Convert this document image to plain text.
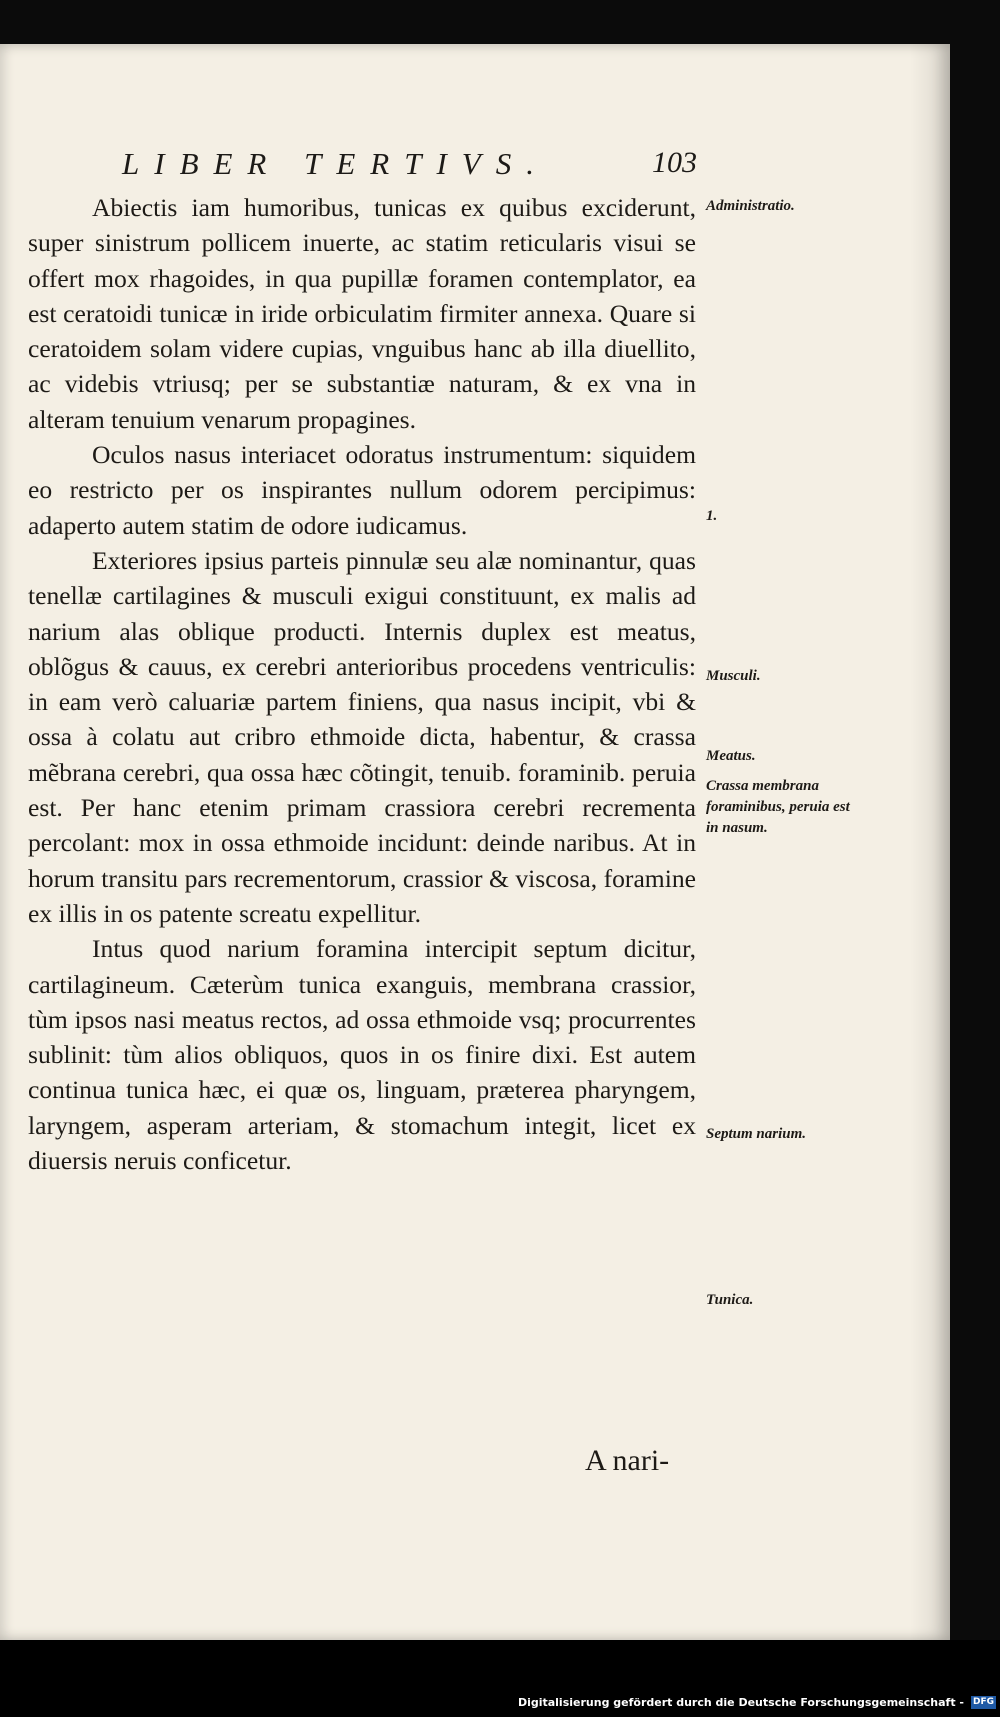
LIBER TERTIVS.	103

Abiectis iam humoribus, tunicas ex quibus exciderunt, super sinistrum pollicem inuerte, ac statim reticularis visui se offert mox rhagoides, in qua pupillæ foramen contemplator, ea est ceratoidi tunicæ in iride orbiculatim firmiter annexa. Quare si ceratoidem solam videre cupias, vnguibus hanc ab illa diuellito, ac videbis vtriusq; per se substantiæ naturam, & ex vna in alteram tenuium venarum propagines.

Oculos nasus interiacet odoratus instrumentum: siquidem eo restricto per os inspirantes nullum odorem percipimus: adaperto autem statim de odore iudicamus.

Exteriores ipsius parteis pinnulæ seu alæ nominantur, quas tenellæ cartilagines & musculi exigui constituunt, ex malis ad narium alas oblique producti. Internis duplex est meatus, oblõgus & cauus, ex cerebri anterioribus procedens ventriculis: in eam verò caluariæ partem finiens, qua nasus incipit, vbi & ossa à colatu aut cribro ethmoide dicta, habentur, & crassa mẽbrana cerebri, qua ossa hæc cõtingit, tenuib. foraminib. peruia est. Per hanc etenim primam crassiora cerebri recrementa percolant: mox in ossa ethmoide incidunt: deinde naribus. At in horum transitu pars recrementorum, crassior & viscosa, foramine ex illis in os patente screatu expellitur.

Intus quod narium foramina intercipit septum dicitur, cartilagineum. Cæterùm tunica exanguis, membrana crassior, tùm ipsos nasi meatus rectos, ad ossa ethmoide vsq; procurrentes sublinit: tùm alios obliquos, quos in os finire dixi. Est autem continua tunica hæc, ei quæ os, linguam, præterea pharyngem, laryngem, asperam arteriam, & stomachum integit, licet ex diuersis neruis conficetur.

Administratio.
1.
Musculi.
Meatus.
Crassa membrana foraminibus, peruia est in nasum.
Septum narium.
Tunica.
A nari-
Digitalisierung gefördert durch die Deutsche Forschungsgemeinschaft - DFG
